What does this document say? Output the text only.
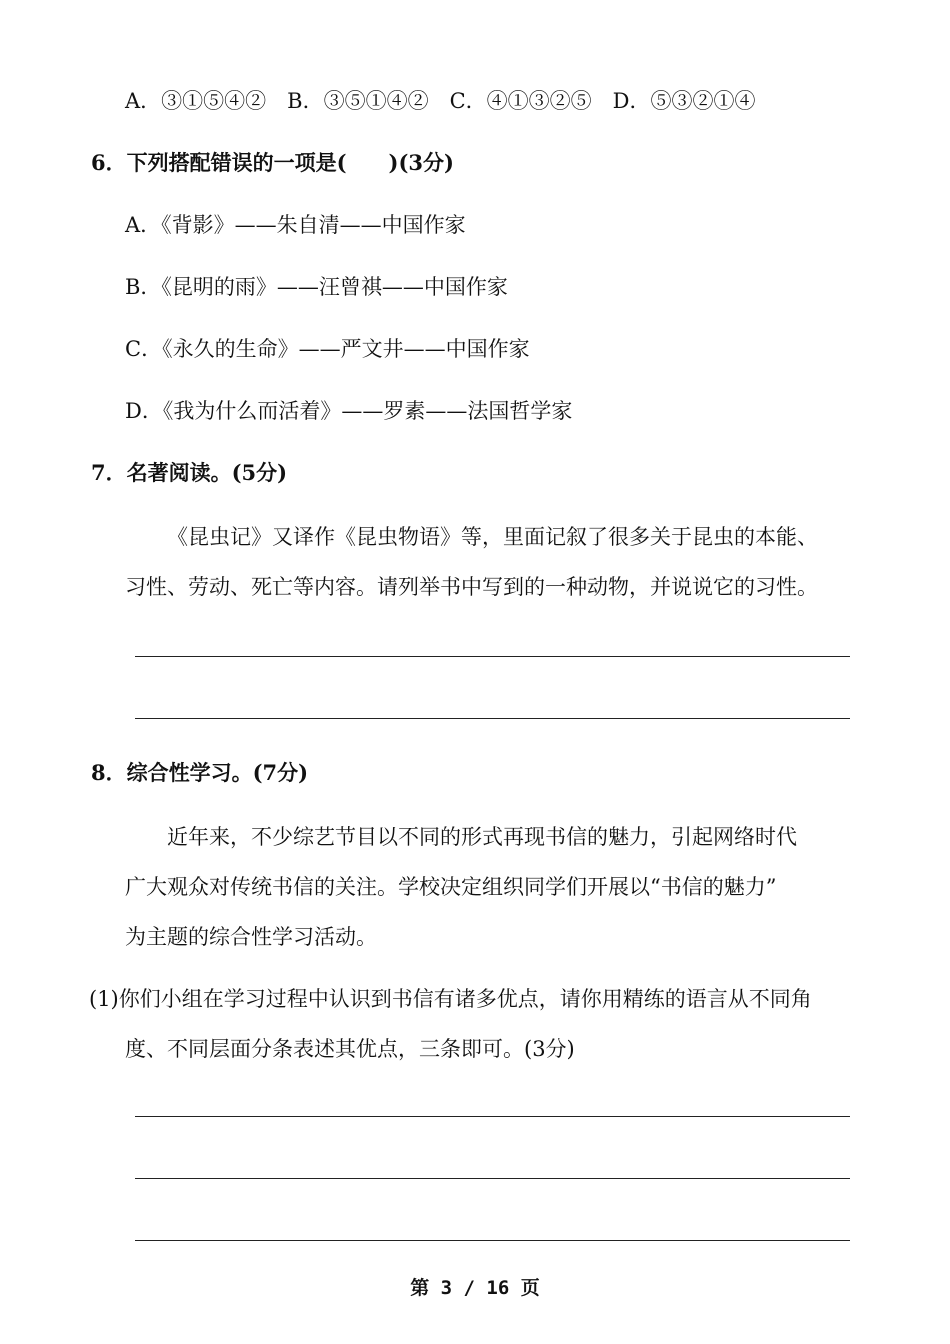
A．③①⑤④②　B．③⑤①④②　C．④①③②⑤　D．⑤③②①④
6．下列搭配错误的一项是(　　)(3分)
A．《背影》——朱自清——中国作家
B．《昆明的雨》——汪曾祺——中国作家
C．《永久的生命》——严文井——中国作家
D．《我为什么而活着》——罗素——法国哲学家
7．名著阅读。(5分)
《昆虫记》又译作《昆虫物语》等，里面记叙了很多关于昆虫的本能、
习性、劳动、死亡等内容。请列举书中写到的一种动物，并说说它的习性。
8．综合性学习。(7分)
近年来，不少综艺节目以不同的形式再现书信的魅力，引起网络时代
广大观众对传统书信的关注。学校决定组织同学们开展以“书信的魅力”
为主题的综合性学习活动。
(1)你们小组在学习过程中认识到书信有诸多优点，请你用精练的语言从不同角
度、不同层面分条表述其优点，三条即可。(3分)
第 3 / 16 页
